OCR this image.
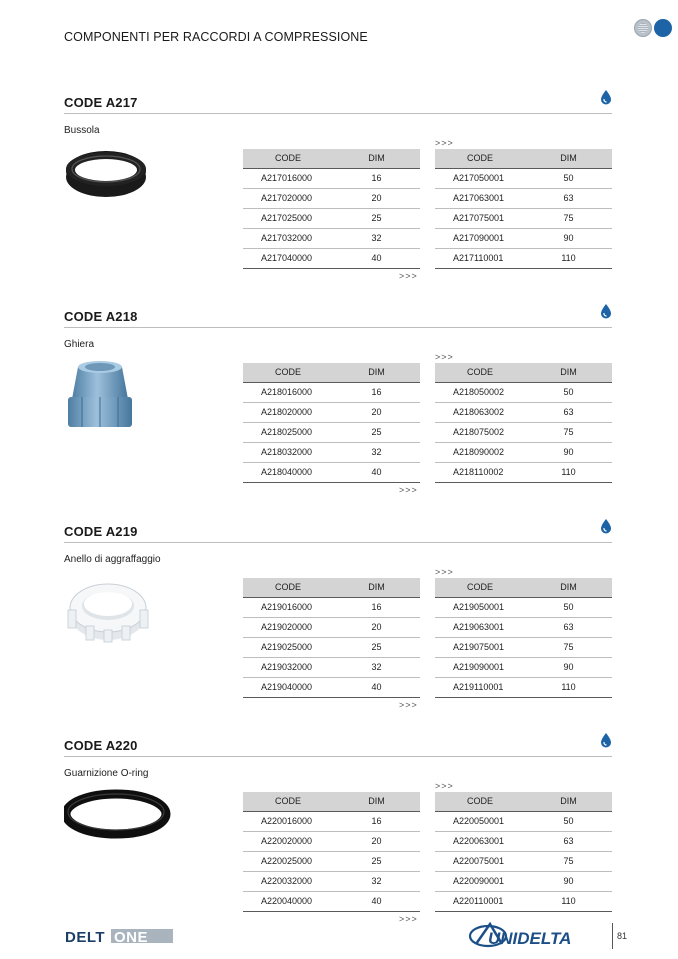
COMPONENTI PER RACCORDI A COMPRESSIONE
CODE A217
Bussola
>>>
CODE	DIM
A217016000	16
A217020000	20
A217025000	25
A217032000	32
A217040000	40
CODE	DIM
A217050001	50
A217063001	63
A217075001	75
A217090001	90
A217110001	110
>>>
CODE A218
Ghiera
>>>
CODE	DIM
A218016000	16
A218020000	20
A218025000	25
A218032000	32
A218040000	40
CODE	DIM
A218050002	50
A218063002	63
A218075002	75
A218090002	90
A218110002	110
>>>
CODE A219
Anello di aggraffaggio
>>>
CODE	DIM
A219016000	16
A219020000	20
A219025000	25
A219032000	32
A219040000	40
CODE	DIM
A219050001	50
A219063001	63
A219075001	75
A219090001	90
A219110001	110
>>>
CODE A220
Guarnizione O-ring
>>>
CODE	DIM
A220016000	16
A220020000	20
A220025000	25
A220032000	32
A220040000	40
CODE	DIM
A220050001	50
A220063001	63
A220075001	75
A220090001	90
A220110001	110
>>>
DELT ONE	UNIDELTA	81
